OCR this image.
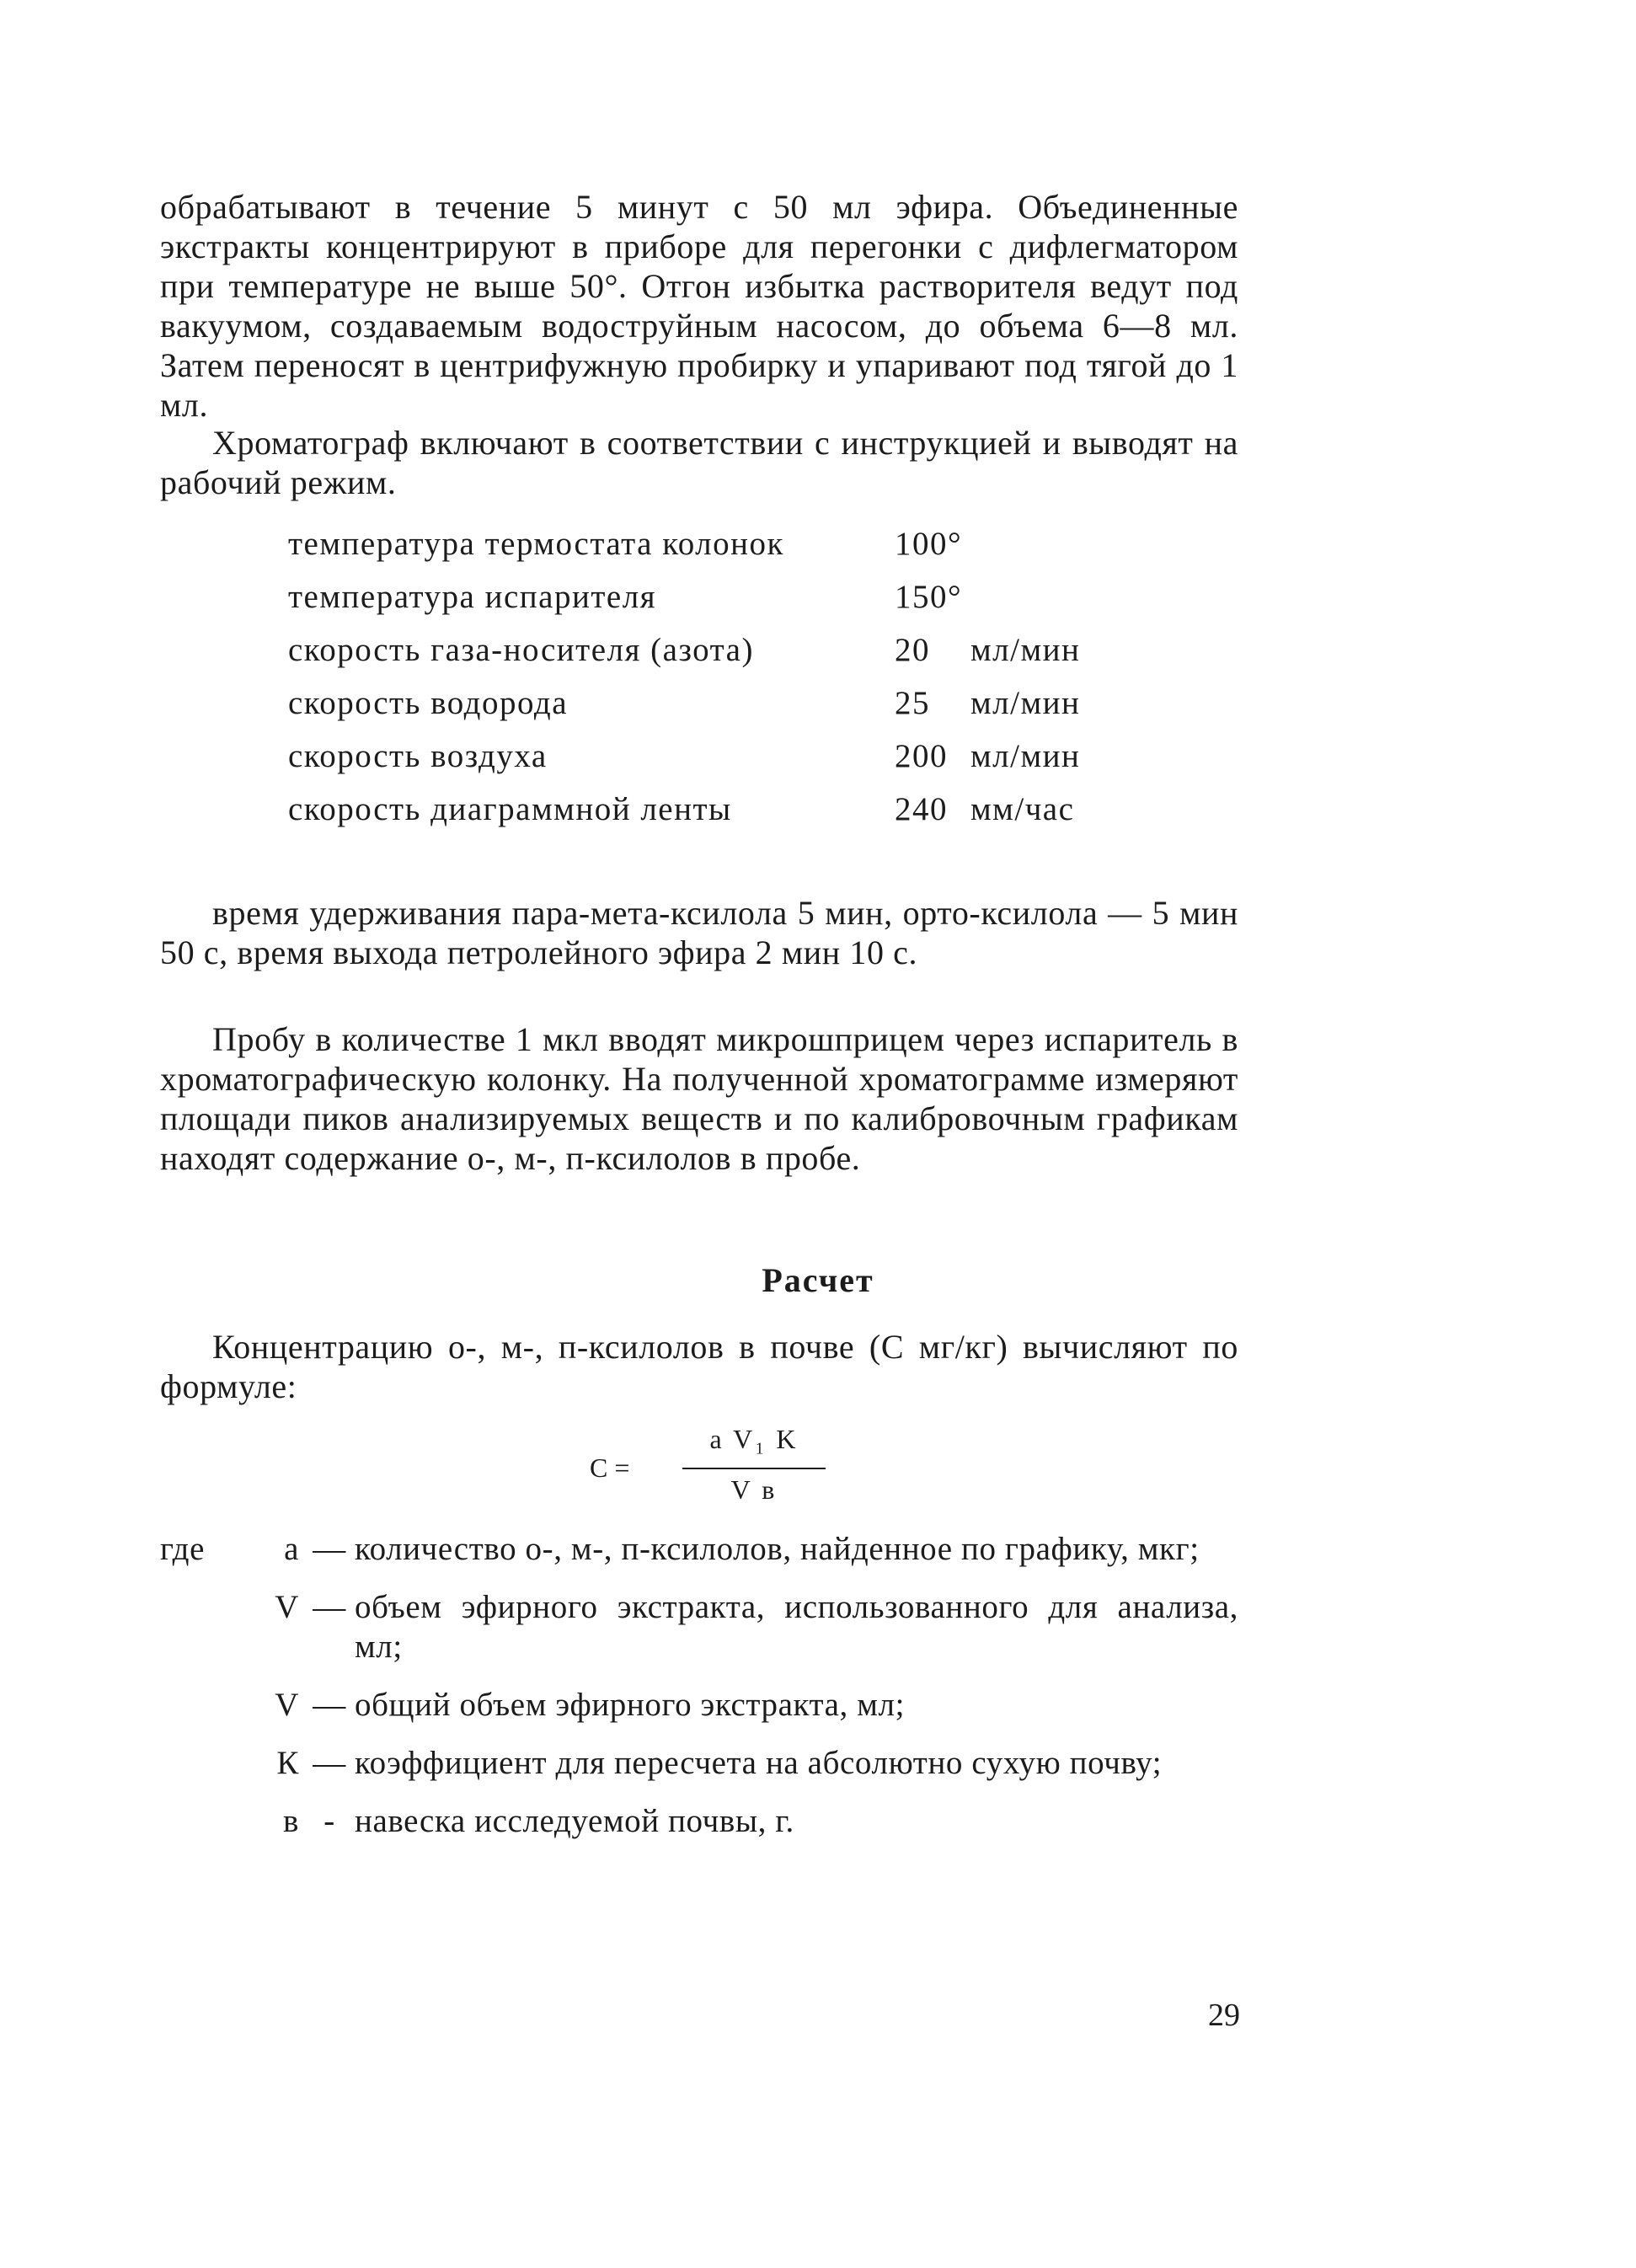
обрабатывают в течение 5 минут с 50 мл эфира. Объединенные экстракты концентрируют в приборе для перегонки с дифлегматором при температуре не выше 50°. Отгон избытка растворителя ведут под вакуумом, создаваемым водоструйным насосом, до объема 6—8 мл. Затем переносят в центрифужную пробирку и упаривают под тягой до 1 мл.
Хроматограф включают в соответствии с инструкцией и выводят на рабочий режим.
температура термостата колонок	100°
температура испарителя	150°
скорость газа-носителя (азота)	20	мл/мин
скорость водорода	25	мл/мин
скорость воздуха	200 мл/мин
скорость диаграммной ленты	240 мм/час
время удерживания пара-мета-ксилола 5 мин, орто-ксилола — 5 мин 50 с, время выхода петролейного эфира 2 мин 10 с.
Пробу в количестве 1 мкл вводят микрошприцем через испаритель в хроматографическую колонку. На полученной хроматограмме измеряют площади пиков анализируемых веществ и по калибровочным графикам находят содержание о-, м-, п-ксилолов в пробе.
Расчет
Концентрацию о-, м-, п-ксилолов в почве (С мг/кг) вычисляют по формуле:
С =
a V₁ K
V в
где	а — количество о-, м-, п-ксилолов, найденное по графику, мкг;
V — объем эфирного экстракта, использованного для анализа, мл;
V — общий объем эфирного экстракта, мл;
К — коэффициент для пересчета на абсолютно сухую почву;
в - навеска исследуемой почвы, г.
29
